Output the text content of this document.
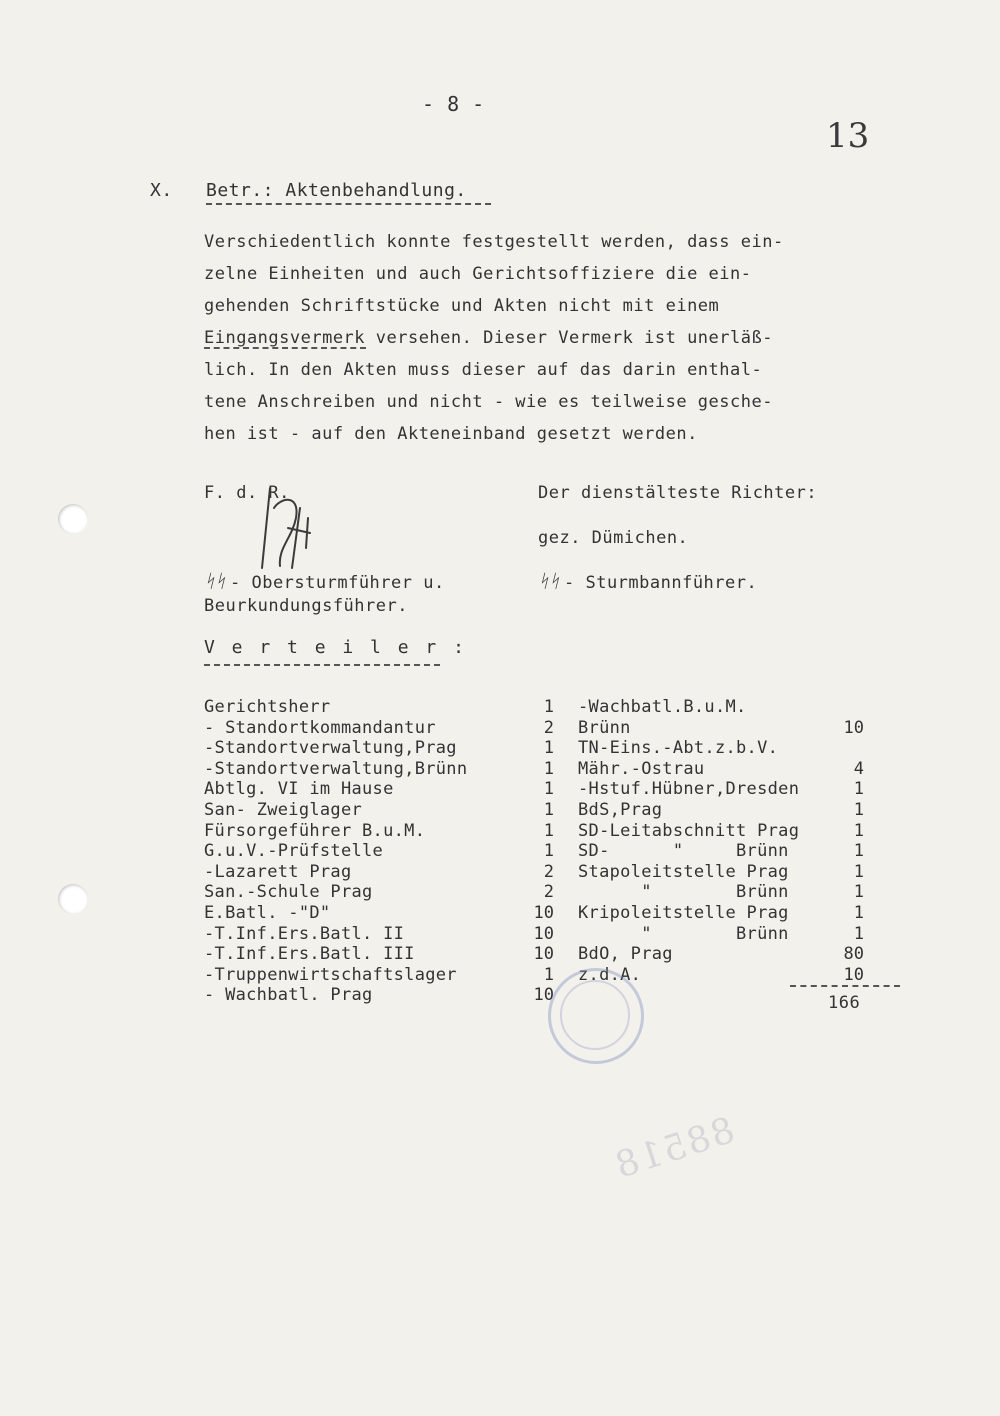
- 8 -
13
X. Betr.: Aktenbehandlung.
Verschiedentlich konnte festgestellt werden, dass ein-
zelne Einheiten und auch Gerichtsoffiziere die ein-
gehenden Schriftstücke und Akten nicht mit einem
Eingangsvermerk versehen. Dieser Vermerk ist unerläß-
lich. In den Akten muss dieser auf das darin enthal-
tene Anschreiben und nicht - wie es teilweise gesche-
hen ist - auf den Akteneinband gesetzt werden.
F. d. R.
- Obersturmführer u.
ᛋᛋ
Beurkundungsführer.
Der dienstälteste Richter:
gez. Dümichen.
ᛋᛋ - Sturmbannführer.
V e r t e i l e r :
Gerichtsherr	1
- Standortkommandantur	2
-Standortverwaltung,Prag	1
-Standortverwaltung,Brünn	1
Abtlg. VI im Hause	1
San- Zweiglager	1
Fürsorgeführer B.u.M.	1
G.u.V.-Prüfstelle	1
-Lazarett Prag	2
San.-Schule Prag	2
E.Batl. -"D"	10
-T.Inf.Ers.Batl. II	10
-T.Inf.Ers.Batl. III	10
-Truppenwirtschaftslager	1
- Wachbatl. Prag	10
-Wachbatl.B.u.M.
Brünn	10
TN-Eins.-Abt.z.b.V.
Mähr.-Ostrau	4
-Hstuf.Hübner,Dresden	1
BdS,Prag	1
SD-Leitabschnitt Prag	1
SD-      "     Brünn	1
Stapoleitstelle Prag	1
"        Brünn	1
Kripoleitstelle Prag	1
"        Brünn	1
BdO, Prag	80
z.d.A.	10
166
88518
